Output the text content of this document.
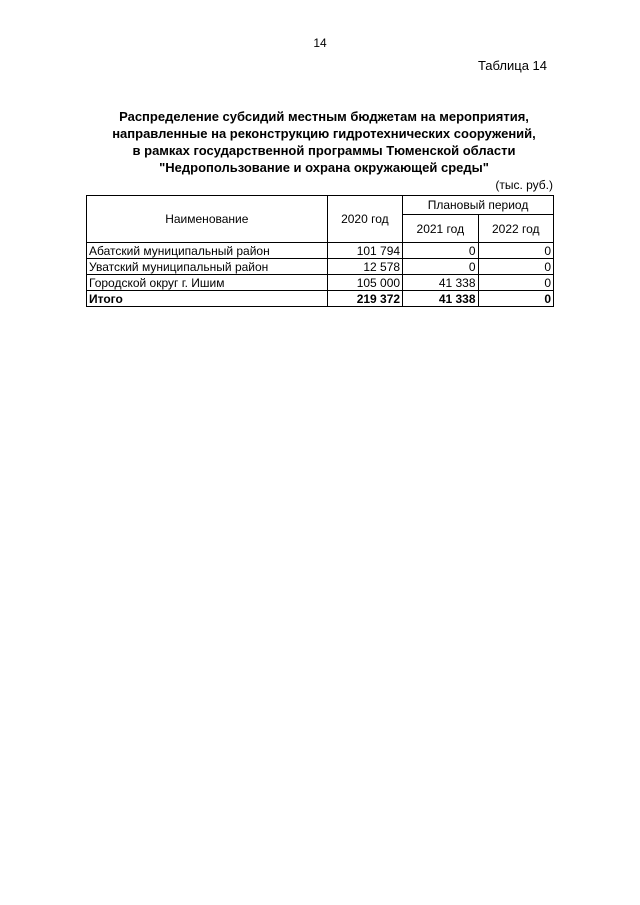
14
Таблица 14
Распределение субсидий местным бюджетам на мероприятия,
направленные на реконструкцию гидротехнических сооружений,
в рамках государственной программы Тюменской области
"Недропользование и охрана окружающей среды"
(тыс. руб.)
Наименование	2020 год	Плановый период	
		2021 год	2022 год
Абатский муниципальный район	101 794	0	0
Уватский муниципальный район	12 578	0	0
Городской округ г. Ишим	105 000	41 338	0
Итого	219 372	41 338	0
